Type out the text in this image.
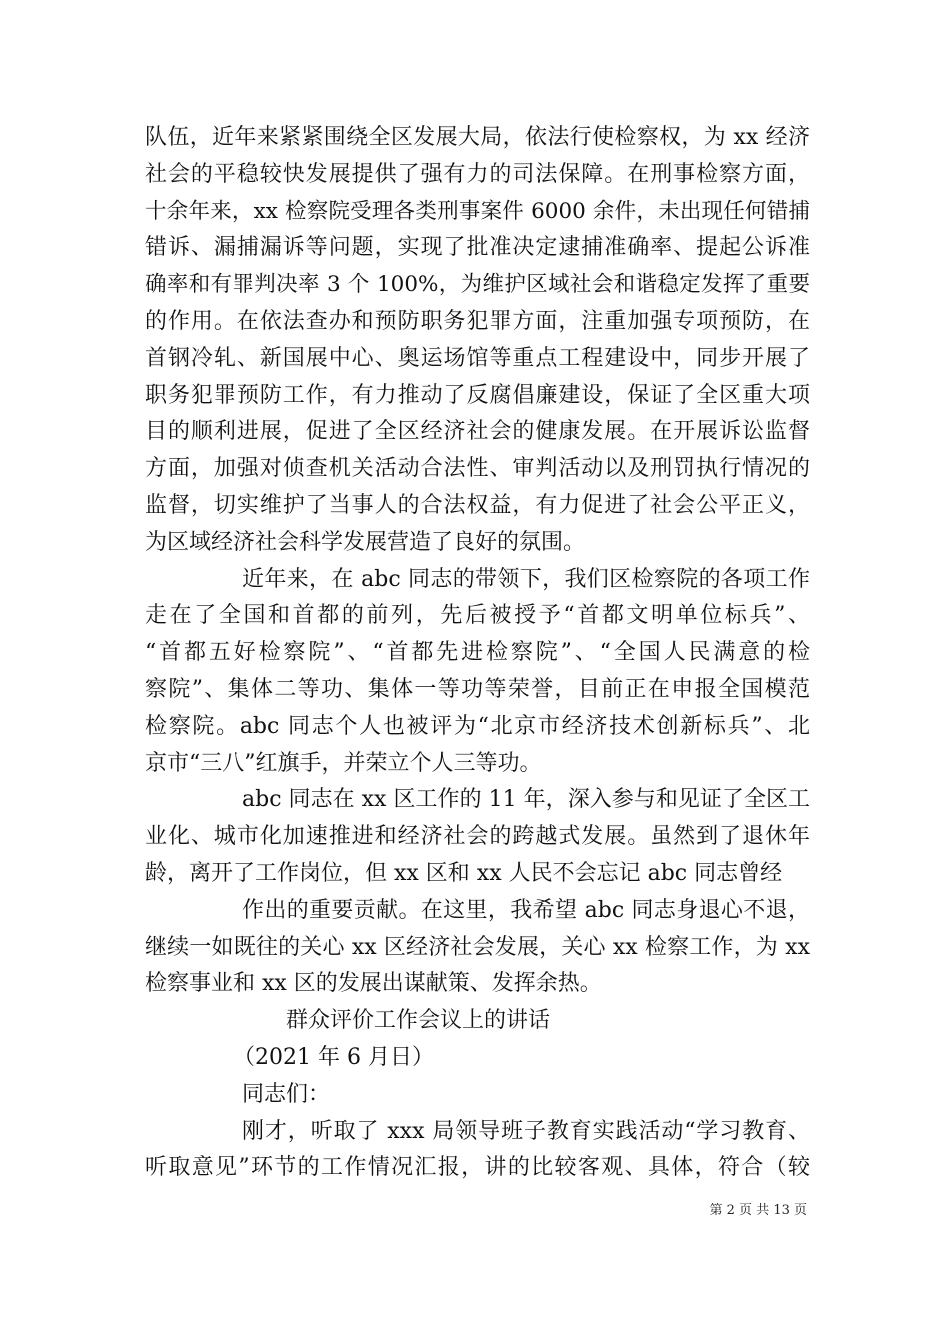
队伍，近年来紧紧围绕全区发展大局，依法行使检察权，为 xx 经济
社会的平稳较快发展提供了强有力的司法保障。在刑事检察方面，
十余年来，xx 检察院受理各类刑事案件 6000 余件，未出现任何错捕
错诉、漏捕漏诉等问题，实现了批准决定逮捕准确率、提起公诉准
确率和有罪判决率 3 个 100%，为维护区域社会和谐稳定发挥了重要
的作用。在依法查办和预防职务犯罪方面，注重加强专项预防，在
首钢冷轧、新国展中心、奥运场馆等重点工程建设中，同步开展了
职务犯罪预防工作，有力推动了反腐倡廉建设，保证了全区重大项
目的顺利进展，促进了全区经济社会的健康发展。在开展诉讼监督
方面，加强对侦查机关活动合法性、审判活动以及刑罚执行情况的
监督，切实维护了当事人的合法权益，有力促进了社会公平正义，
为区域经济社会科学发展营造了良好的氛围。
近年来，在 abc 同志的带领下，我们区检察院的各项工作
走在了全国和首都的前列，先后被授予“首都文明单位标兵”、
“首都五好检察院”、“首都先进检察院”、“全国人民满意的检
察院”、集体二等功、集体一等功等荣誉，目前正在申报全国模范
检察院。abc 同志个人也被评为“北京市经济技术创新标兵”、北
京市“三八”红旗手，并荣立个人三等功。
abc 同志在 xx 区工作的 11 年，深入参与和见证了全区工
业化、城市化加速推进和经济社会的跨越式发展。虽然到了退休年
龄，离开了工作岗位，但 xx 区和 xx 人民不会忘记 abc 同志曾经
作出的重要贡献。在这里，我希望 abc 同志身退心不退，
继续一如既往的关心 xx 区经济社会发展，关心 xx 检察工作，为 xx
检察事业和 xx 区的发展出谋献策、发挥余热。
群众评价工作会议上的讲话
（2021 年 6 月日）
同志们：
刚才，听取了 xxx 局领导班子教育实践活动“学习教育、
听取意见”环节的工作情况汇报，讲的比较客观、具体，符合（较
第 2 页 共 13 页
